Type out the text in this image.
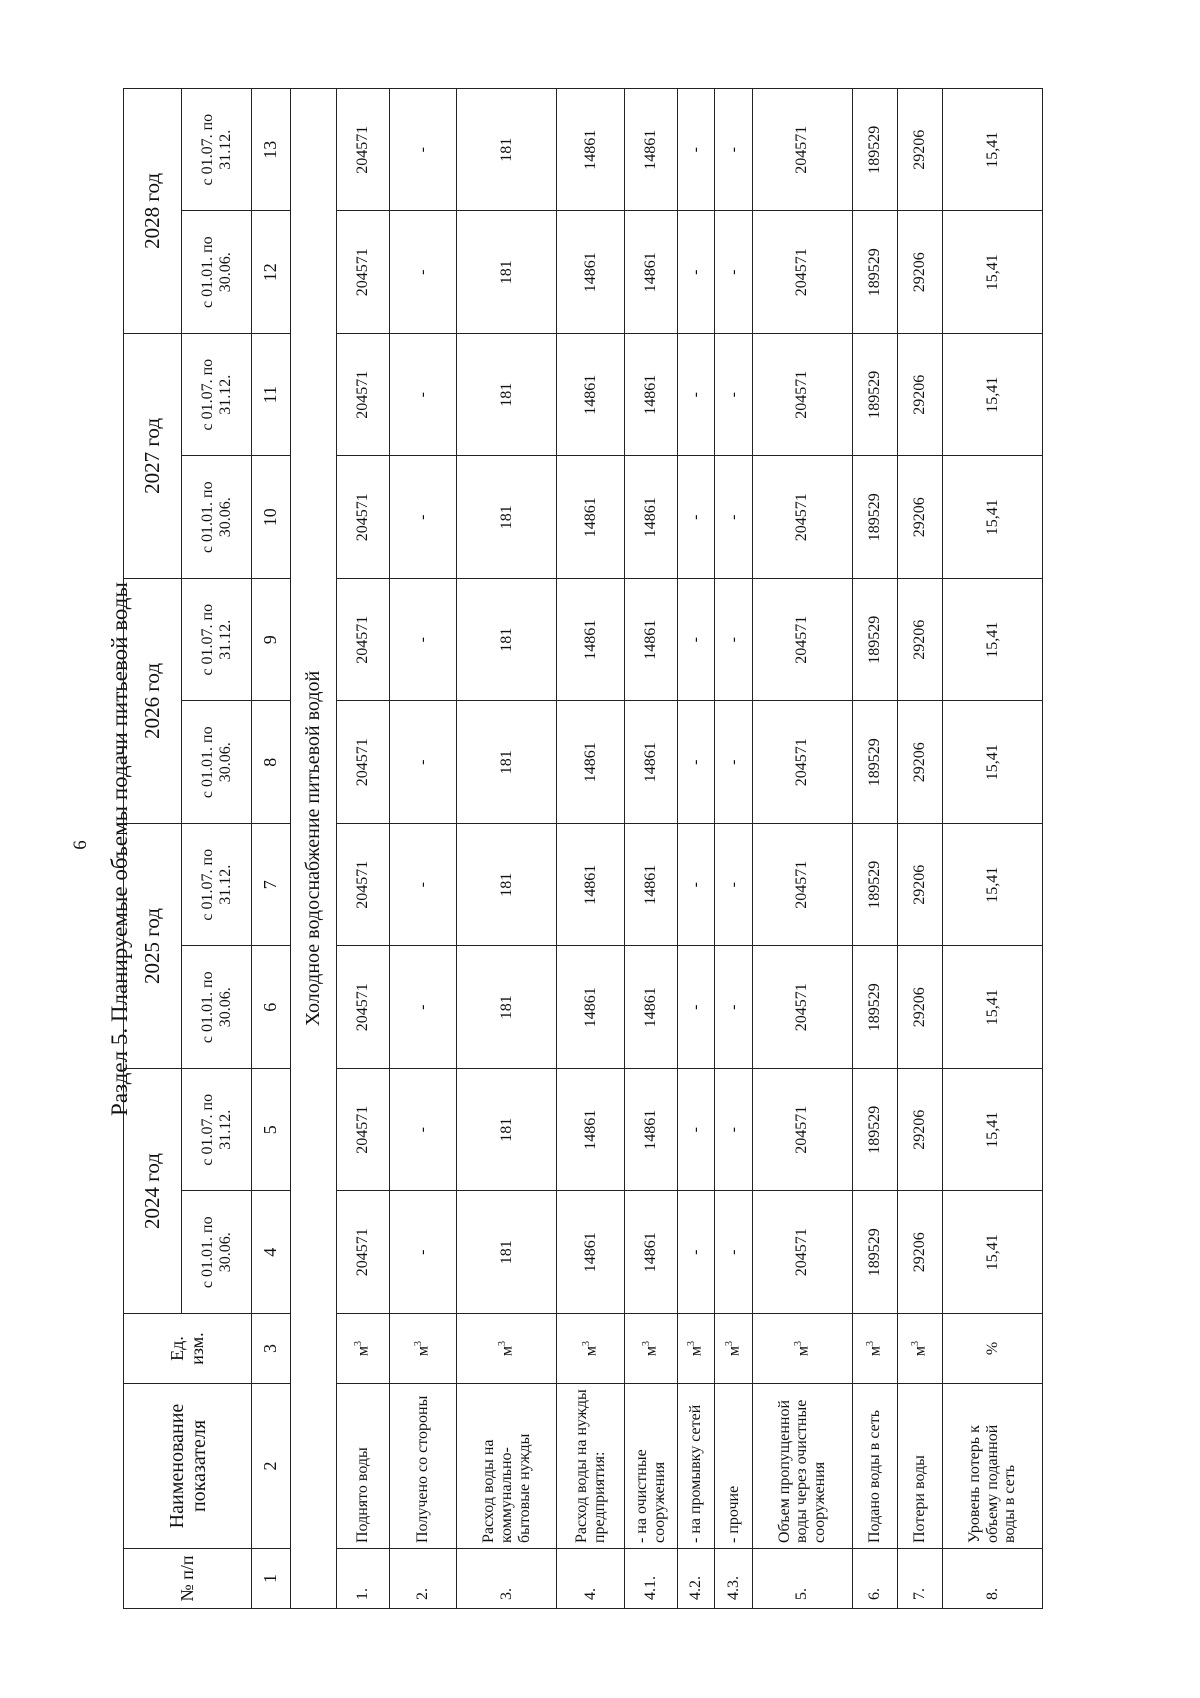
6 Раздел 5. Планируемые объемы подачи питьевой воды
№ п/п	Наименование показателя	Ед. изм.	2024 год		2025 год		2026 год		2027 год		2028 год	
			с 01.01. по 30.06.	с 01.07. по 31.12.	с 01.01. по 30.06.	с 01.07. по 31.12.	с 01.01. по 30.06.	с 01.07. по 31.12.	с 01.01. по 30.06.	с 01.07. по 31.12.	с 01.01. по 30.06.	с 01.07. по 31.12.
1	2	3	4	5	6	7	8	9	10	11	12	13
Холодное водоснабжение питьевой водой												
1.	Поднято воды	$м^3$	204571	204571	204571	204571	204571	204571	204571	204571	204571	204571
2.	Получено со стороны	$м^3$	-	-	-	-	-	-	-	-	-	-
3.	Расход воды на коммунально-бытовые нужды	$м^3$	181	181	181	181	181	181	181	181	181	181
4.	Расход воды на нужды предприятия:	$м^3$	14861	14861	14861	14861	14861	14861	14861	14861	14861	14861
4.1.	- на очистные сооружения	$м^3$	14861	14861	14861	14861	14861	14861	14861	14861	14861	14861
4.2.	- на промывку сетей	$м^3$	-	-	-	-	-	-	-	-	-	-
4.3.	- прочие	$м^3$	-	-	-	-	-	-	-	-	-	-
5.	Объем пропущенной воды через очистные сооружения	$м^3$	204571	204571	204571	204571	204571	204571	204571	204571	204571	204571
6.	Подано воды в сеть	$м^3$	189529	189529	189529	189529	189529	189529	189529	189529	189529	189529
7.	Потери воды	$м^3$	29206	29206	29206	29206	29206	29206	29206	29206	29206	29206
8.	Уровень потерь к объему поданной воды в сеть	%	15,41	15,41	15,41	15,41	15,41	15,41	15,41	15,41	15,41	15,41
